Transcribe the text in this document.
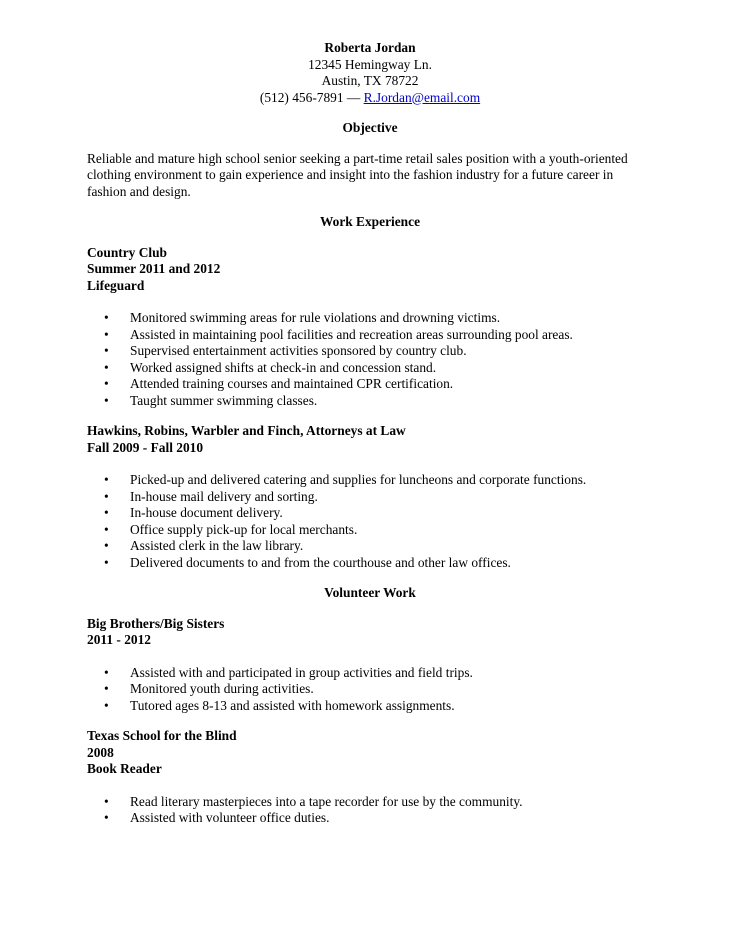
Roberta Jordan
12345 Hemingway Ln.
Austin, TX 78722
(512) 456-7891 — R.Jordan@email.com

Objective

Reliable and mature high school senior seeking a part-time retail sales position with a youth-oriented clothing environment to gain experience and insight into the fashion industry for a future career in fashion and design.

Work Experience

Country Club
Summer 2011 and 2012
Lifeguard
• Monitored swimming areas for rule violations and drowning victims.
• Assisted in maintaining pool facilities and recreation areas surrounding pool areas.
• Supervised entertainment activities sponsored by country club.
• Worked assigned shifts at check-in and concession stand.
• Attended training courses and maintained CPR certification.
• Taught summer swimming classes.
Hawkins, Robins, Warbler and Finch, Attorneys at Law
Fall 2009 - Fall 2010
• Picked-up and delivered catering and supplies for luncheons and corporate functions.
• In-house mail delivery and sorting.
• In-house document delivery.
• Office supply pick-up for local merchants.
• Assisted clerk in the law library.
• Delivered documents to and from the courthouse and other law offices.

Volunteer Work

Big Brothers/Big Sisters
2011 - 2012
• Assisted with and participated in group activities and field trips.
• Monitored youth during activities.
• Tutored ages 8-13 and assisted with homework assignments.
Texas School for the Blind
2008
Book Reader
• Read literary masterpieces into a tape recorder for use by the community.
• Assisted with volunteer office duties.
